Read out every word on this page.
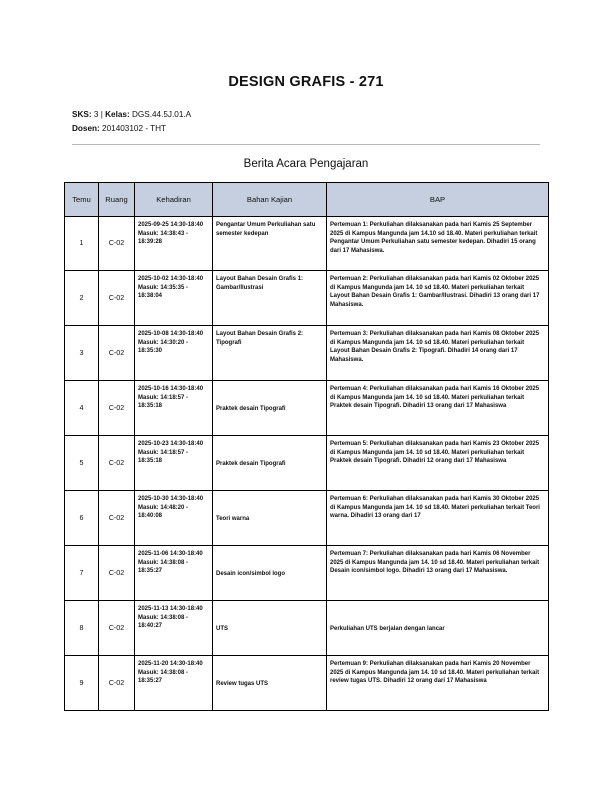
DESIGN GRAFIS - 271
SKS: 3 | Kelas: DGS.44.5J.01.A
Dosen: 201403102 - THT
Berita Acara Pengajaran
Temu	Ruang	Kehadiran	Bahan Kajian	BAP
1	C-02	2025-09-25 14:30-18:40 Masuk: 14:38:43 - 18:39:28	Pengantar Umum Perkuliahan satu semester kedepan	Pertemuan 1: Perkuliahan dilaksanakan pada hari Kamis 25 September 2025 di Kampus Mangunda jam 14.10 sd 18.40. Materi perkuliahan terkait Pengantar Umum Perkuliahan satu semester kedepan. Dihadiri 15 orang dari 17 Mahasiswa.
2	C-02	2025-10-02 14:30-18:40 Masuk: 14:35:35 - 18:38:04	Layout Bahan Desain Grafis 1: Gambar/Ilustrasi	Pertemuan 2: Perkuliahan dilaksanakan pada hari Kamis 02 Oktober 2025 di Kampus Mangunda jam 14. 10 sd 18.40. Materi perkuliahan terkait Layout Bahan Desain Grafis 1: Gambar/Ilustrasi. Dihadiri 13 orang dari 17 Mahasiswa.
3	C-02	2025-10-08 14:30-18:40 Masuk: 14:30:20 - 18:35:30	Layout Bahan Desain Grafis 2: Tipografi	Pertemuan 3: Perkuliahan dilaksanakan pada hari Kamis 08 Oktober 2025 di Kampus Mangunda jam 14. 10 sd 18.40. Materi perkuliahan terkait Layout Bahan Desain Grafis 2: Tipografi. Dihadiri 14 orang dari 17 Mahasiswa.
4	C-02	2025-10-16 14:30-18:40 Masuk: 14:18:57 - 18:35:18	Praktek desain Tipografi	Pertemuan 4: Perkuliahan dilaksanakan pada hari Kamis 16 Oktober 2025 di Kampus Mangunda jam 14. 10 sd 18.40. Materi perkuliahan terkait Praktek desain Tipografi. Dihadiri 13 orang dari 17 Mahasiswa
5	C-02	2025-10-23 14:30-18:40 Masuk: 14:18:57 - 18:35:18	Praktek desain Tipografi	Pertemuan 5: Perkuliahan dilaksanakan pada hari Kamis 23 Oktober 2025 di Kampus Mangunda jam 14. 10 sd 18.40. Materi perkuliahan terkait Praktek desain Tipografi. Dihadiri 12 orang dari 17 Mahasiswa
6	C-02	2025-10-30 14:30-18:40 Masuk: 14:48:20 - 18:40:08	Teori warna	Pertemuan 6: Perkuliahan dilaksanakan pada hari Kamis 30 Oktober 2025 di Kampus Mangunda jam 14. 10 sd 18.40. Materi perkuliahan terkait Teori warna. Dihadiri 13 orang dari 17
7	C-02	2025-11-06 14:30-18:40 Masuk: 14:38:08 - 18:35:27	Desain icon/simbol logo	Pertemuan 7: Perkuliahan dilaksanakan pada hari Kamis 06 November 2025 di Kampus Mangunda jam 14. 10 sd 18.40. Materi perkuliahan terkait Desain icon/simbol logo. Dihadiri 13 orang dari 17 Mahasiswa.
8	C-02	2025-11-13 14:30-18:40 Masuk: 14:38:08 - 18:40:27	UTS	Perkuliahan UTS berjalan dengan lancar
9	C-02	2025-11-20 14:30-18:40 Masuk: 14:38:08 - 18:35:27	Review tugas UTS	Pertemuan 9: Perkuliahan dilaksanakan pada hari Kamis 20 November 2025 di Kampus Mangunda jam 14. 10 sd 18.40. Materi perkuliahan terkait review tugas UTS. Dihadiri 12 orang dari 17 Mahasiswa
